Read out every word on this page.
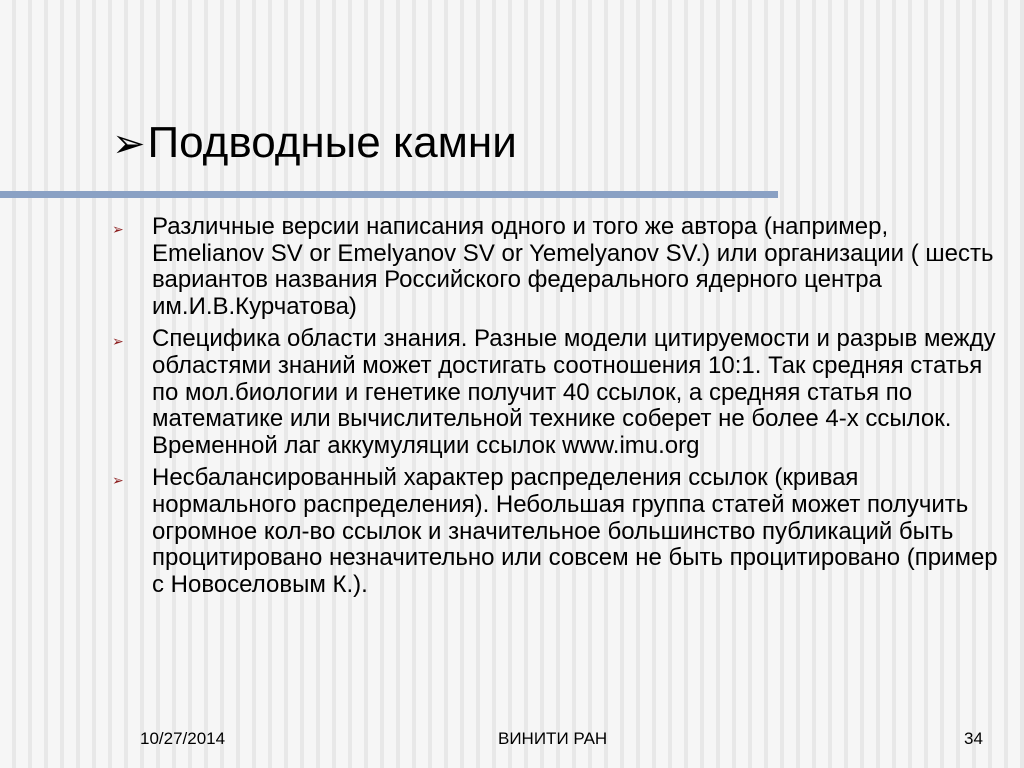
➢Подводные камни
➢ Различные версии написания одного и того же автора (например, Emelianov SV or Emelyanov SV or Yemelyanov SV.) или организации ( шесть вариантов названия Российского федерального ядерного центра им.И.В.Курчатова)
➢ Специфика области знания. Разные модели цитируемости и разрыв между областями знаний может достигать соотношения 10:1. Так средняя статья по мол.биологии и генетике получит 40 ссылок, а средняя статья по математике или вычислительной технике соберет не более 4-х ссылок. Временной лаг аккумуляции ссылок www.imu.org
➢ Несбалансированный характер распределения ссылок (кривая нормального распределения). Небольшая группа статей может получить огромное кол-во ссылок и значительное большинство публикаций быть процитировано незначительно или совсем не быть процитировано (пример с Новоселовым К.).
10/27/2014	ВИНИТИ РАН	34
